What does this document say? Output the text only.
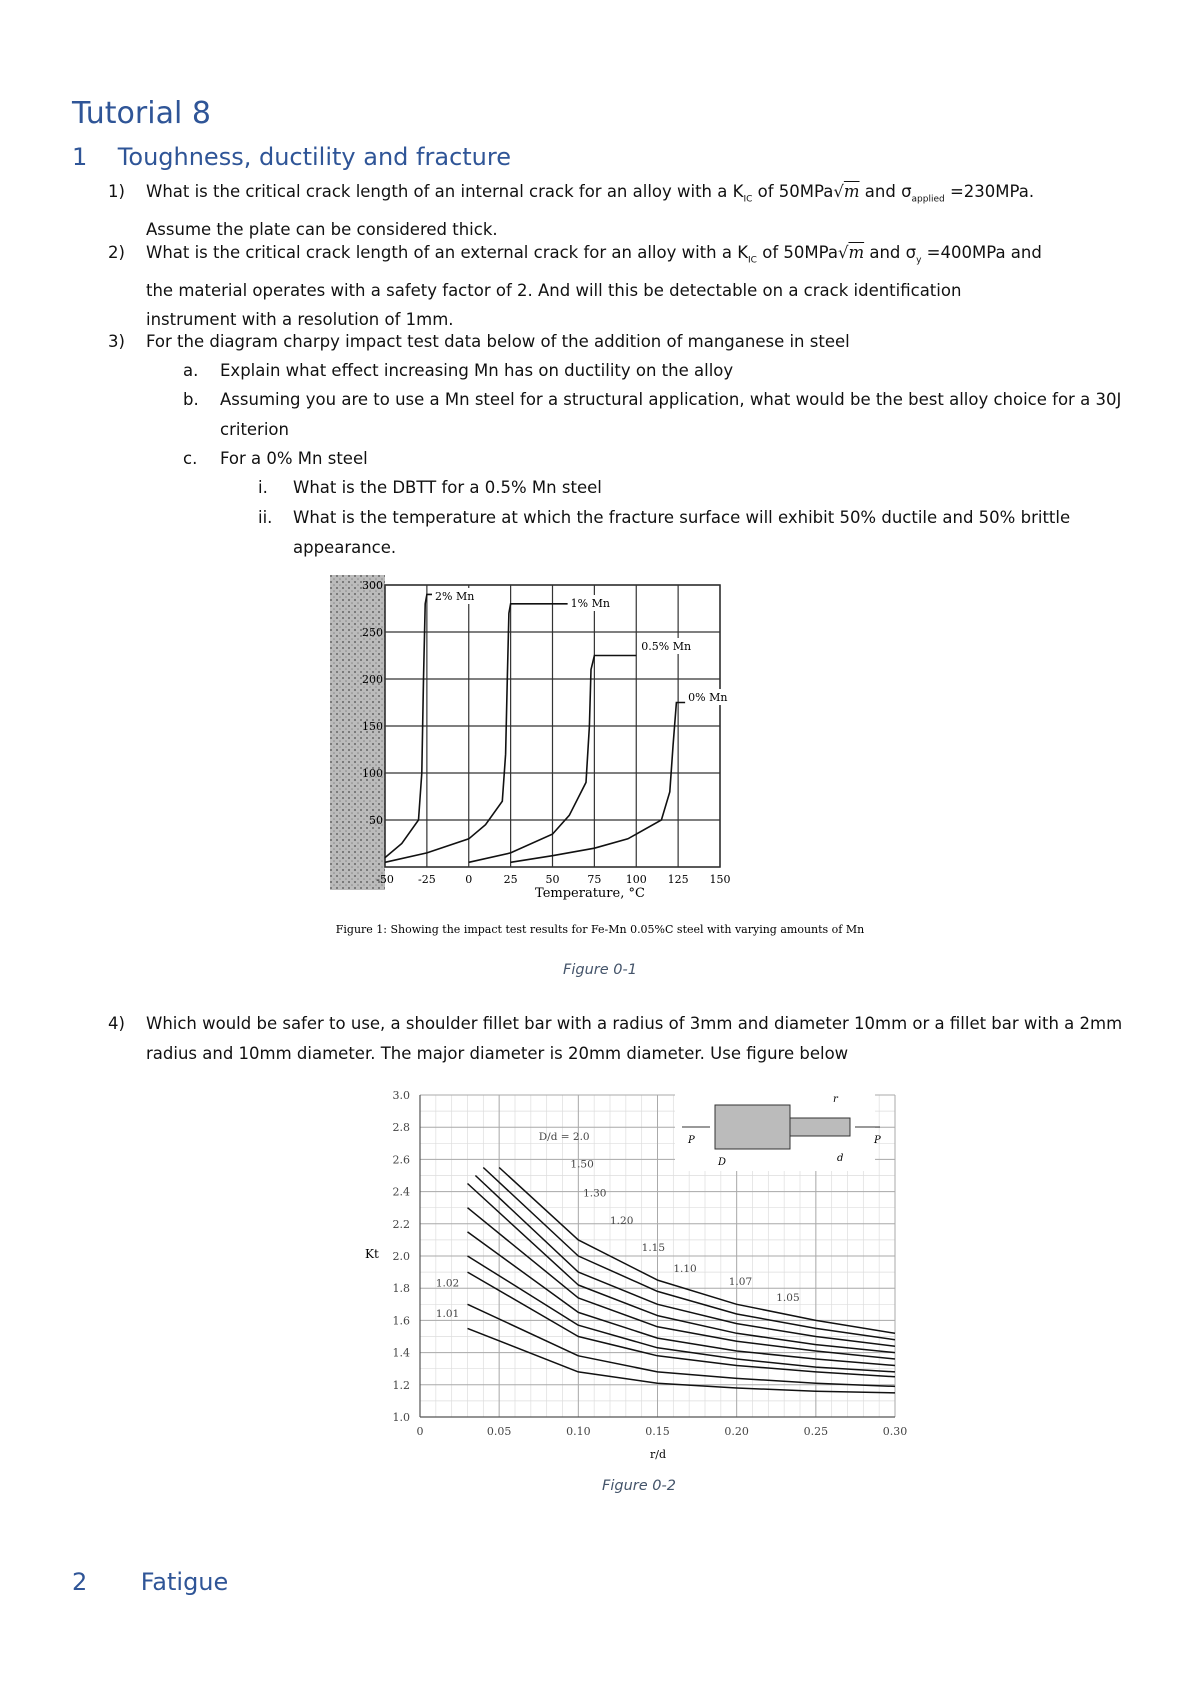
Tutorial 8
1 Toughness, ductility and fracture
1) What is the critical crack length of an internal crack for an alloy with a $K_{IC}$ of 50MPa√m and $\sigma_{applied} =230MPa$.
Assume the plate can be considered thick.
2) What is the critical crack length of an external crack for an alloy with a $K_{IC}$ of 50MPa√m and $\sigma_y =400MPa$ and
the material operates with a safety factor of 2. And will this be detectable on a crack identification
instrument with a resolution of 1mm.
3) For the diagram charpy impact test data below of the addition of manganese in steel
a. Explain what effect increasing Mn has on ductility on the alloy
b. Assuming you are to use a Mn steel for a structural application, what would be the best alloy choice for a 30J criterion
c. For a 0% Mn steel
i. What is the DBTT for a 0.5% Mn steel
ii. What is the temperature at which the fracture surface will exhibit 50% ductile and 50% brittle appearance.
-50 -25	0	25	50	75 100 125 150
50
100
150
200
250
300
2% Mn
1% Mn
0.5% Mn
0% Mn
Temperature, °C
Figure 1: Showing the impact test results for Fe-Mn 0.05%C steel with varying amounts of Mn
Figure 0-1
4) Which would be safer to use, a shoulder fillet bar with a radius of 3mm and diameter 10mm or a fillet bar with a 2mm radius and 10mm diameter. The major diameter is 20mm diameter. Use figure below
0	0.05	0.10	0.15	0.20	0.25	0.30
1.0
1.2
1.4
1.6
1.8
2.0
2.2
2.4
2.6
2.8
3.0
D/d = 2.0
1.50
1.30
1.20
1.15
1.10
1.07
1.05
1.02
1.01
Kt
r/d
P	P
D	d
r
Figure 0-2
2 Fatigue
